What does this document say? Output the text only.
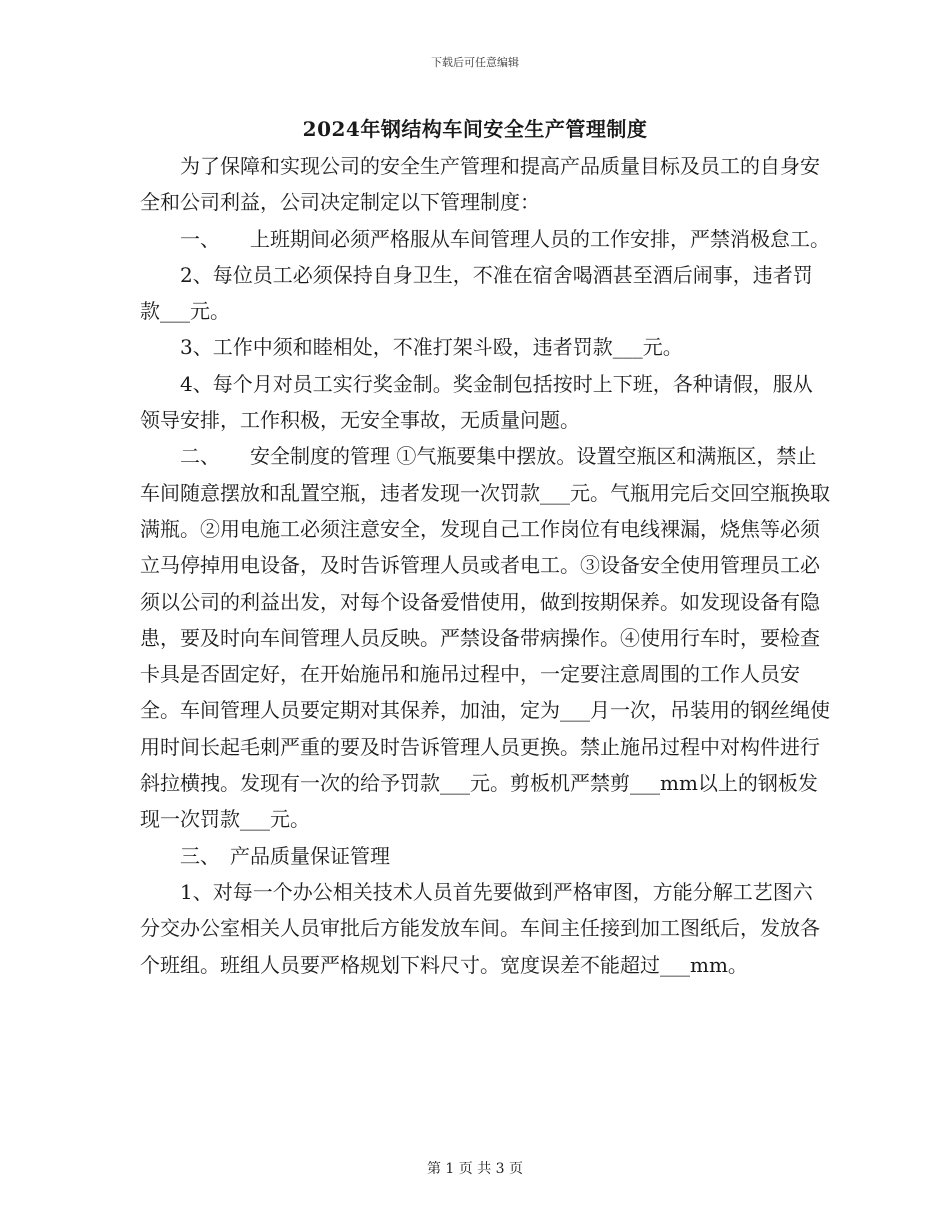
下载后可任意编辑
2024年钢结构车间安全生产管理制度

为了保障和实现公司的安全生产管理和提高产品质量目标及员工的自身安全和公司利益，公司决定制定以下管理制度：

一、　　上班期间必须严格服从车间管理人员的工作安排，严禁消极怠工。

2、每位员工必须保持自身卫生，不准在宿舍喝酒甚至酒后闹事，违者罚款___元。

3、工作中须和睦相处，不准打架斗殴，违者罚款___元。

4、每个月对员工实行奖金制。奖金制包括按时上下班，各种请假，服从领导安排，工作积极，无安全事故，无质量问题。

二、　　安全制度的管理 ①气瓶要集中摆放。设置空瓶区和满瓶区，禁止车间随意摆放和乱置空瓶，违者发现一次罚款___元。气瓶用完后交回空瓶换取满瓶。②用电施工必须注意安全，发现自己工作岗位有电线裸漏，烧焦等必须立马停掉用电设备，及时告诉管理人员或者电工。③设备安全使用管理员工必须以公司的利益出发，对每个设备爱惜使用，做到按期保养。如发现设备有隐患，要及时向车间管理人员反映。严禁设备带病操作。④使用行车时，要检查卡具是否固定好，在开始施吊和施吊过程中，一定要注意周围的工作人员安全。车间管理人员要定期对其保养，加油，定为___月一次，吊装用的钢丝绳使用时间长起毛刺严重的要及时告诉管理人员更换。禁止施吊过程中对构件进行斜拉横拽。发现有一次的给予罚款___元。剪板机严禁剪___mm以上的钢板发现一次罚款___元。

三、　产品质量保证管理

1、对每一个办公相关技术人员首先要做到严格审图，方能分解工艺图六分交办公室相关人员审批后方能发放车间。车间主任接到加工图纸后，发放各个班组。班组人员要严格规划下料尺寸。宽度误差不能超过___mm。

第 1 页 共 3 页
